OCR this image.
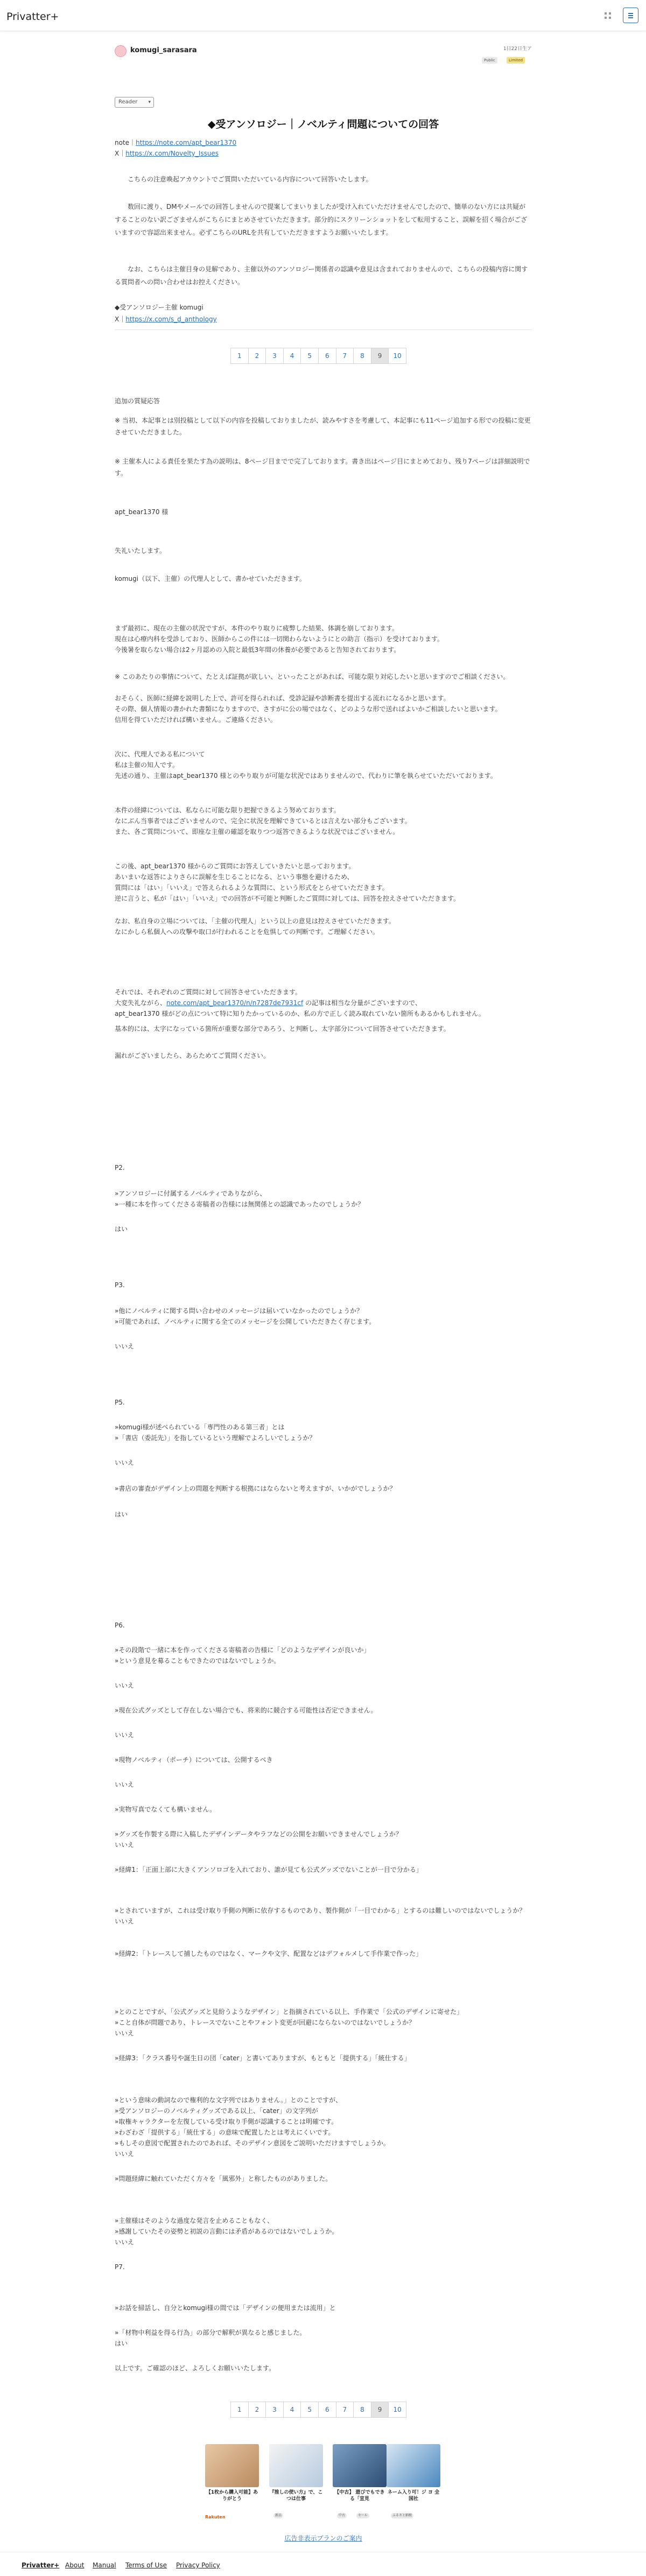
Privatter+
komugi_sarasara	1日22日生ア
Public	Limited
Reader ▾
◆受アンソロジー｜ノベルティ問題についての回答
note｜https://note.com/apt_bear1370
X｜https://x.com/Novelty_Issues
こちらの注意喚起アカウントでご質問いただいている内容について回答いたします。
数回に渡り、DMやメールでの回答しませんので提案してまいりましたが受け入れていただけませんでしたので、簡単のない方には共疑がすることのない訳ござませんがこちらにまとめさせていただきます。部分的にスクリーンショットをして転用すること、誤解を招く場合がございますので容認出来ません。必ずこちらのURLを共有していただきますようお願いいたします。
なお、こちらは主催目身の見解であり、主催以外のアンソロジー関係者の認識や意見は含まれておりませんので、こちらの投稿内容に関する質問者への問い合わせはお控えください。
◆受アンソロジー主催 komugi
X｜https://x.com/s_d_anthology
1	2	3	4	5	6	7	8	9	10
追加の質疑応答
※ 当初、本記事とは別投稿として以下の内容を投稿しておりましたが、読みやすさを考慮して、本記事にも11ページ追加する形での投稿に変更させていただきました。
※ 主催本人による責任を果たす為の説明は、8ページ目までで完了しております。書き出はページ目にまとめており、残り7ページは詳細説明です。
apt_bear1370 様
失礼いたします。
komugi（以下、主催）の代理人として、書かせていただきます。
まず最初に、現在の主催の状況ですが、本件のやり取りに疲弊した結果、体調を崩しております。
現在は心療内科を受診しており、医師からこの件には一切関わらないようにとの助言（指示）を受けております。
今後暑を取らない場合は2ヶ月認めの入院と最低3年間の休養が必要であると告知されております。
※ このあたりの事情について、たとえば証拠が欲しい、といったことがあれば、可能な限り対応したいと思いますのでご相談ください。
おそらく、医師に経緯を説明した上で、許可を得られれば、受診記録や診断書を提出する流れになるかと思います。
その際、個人情報の書かれた書類になりますので、さすがに公の場ではなく、どのような形で送ればよいかご相談したいと思います。
信用を得ていただければ構いません。ご連絡ください。
次に、代理人である私について
私は主催の知人です。
先述の通り、主催はapt_bear1370 様とのやり取りが可能な状況ではありませんので、代わりに筆を執らせていただいております。
本件の経緯については、私ならに可能な限り把握できるよう努めております。
なにぶん当事者ではございませんので、完全に状況を理解できているとは言えない部分もございます。
また、各ご質問について、即座な主催の確認を取りつつ返答できるような状況ではございません。
この後、apt_bear1370 様からのご質問にお答えしていきたいと思っております。
あいまいな返答によりさらに誤解を生じることになる、という事態を避けるため、
質問には「はい」「いいえ」で答えられるような質問に、という形式をとらせていただきます。
逆に言うと、私が「はい」「いいえ」での回答が不可能と判断したご質問に対しては、回答を控えさせていただきます。
なお、私自身の立場については、「主催の代理人」という以上の意見は控えさせていただきます。
なにかしら私個人への攻撃や取口が行われることを危惧しての判断です。ご理解ください。
それでは、それぞれのご質問に対して回答させていただきます。
大変失礼ながら、note.com/apt_bear1370/n/n7287de7931cf の記事は相当な分量がございますので、
apt_bear1370 様がどの点について特に知りたかっているのか、私の方で正しく読み取れていない箇所もあるかもしれません。
基本的には、太字になっている箇所が重要な部分であろう、と判断し、太字部分について回答させていただきます。
漏れがございましたら、あらためてご質問ください。
P2.
»アンソロジーに付属するノベルティでありながら、
»一種に本を作ってくださる寄稿者の告様には無関係との認識であったのでしょうか？
はい
P3.
»他にノベルティに関する問い合わせのメッセージは届いていなかったのでしょうか？
»可能であれば、ノベルティに関する全てのメッセージを公開していただきたく存じます。
いいえ
P5.
»komugi様が述べられている「専門性のある第三者」とは
»「書店（委託先）」を指しているという理解でよろしいでしょうか？
いいえ
»書店の審査がデザイン上の問題を判断する根拠にはならないと考えますが、いかがでしょうか？
はい
P6.
»その段階で一緒に本を作ってくださる寄稿者の告様に「どのようなデザインが良いか」
»という意見を募ることもできたのではないでしょうか。
いいえ
»現在公式グッズとして存在しない場合でも、将来的に競合する可能性は否定できません。
いいえ
»現物ノベルティ（ポーチ）については、公開するべき
いいえ
»実物写真でなくても構いません。
»グッズを作製する際に入稿したデザインデータやラフなどの公開をお願いできませんでしょうか？
いいえ
»経緯1：「正面上部に大きくアンソロゴを入れており、誰が見ても公式グッズでないことが一目で分かる」
»とされていますが、これは受け取り手側の判断に依存するものであり、製作側が「一目でわかる」とするのは難しいのではないでしょうか？
いいえ
»経緯2：「トレースして捕したものではなく、マークや文字、配置などはデフォルメして手作業で作った」
»とのことですが、「公式グッズと見紛うようなデザイン」と指摘されている以上、手作業で「公式のデザインに寄せた」
»こと自体が問題であり、トレースでないことやフォント変更が回避にならないのではないでしょうか？
いいえ
»経緯3：「クラス番号や誕生日の団「cater」と書いてありますが、もともと「提供する」「統仕する」
»という意味の動詞なので権利的な文字列ではありません。」とのことですが、
»受アンソロジーのノベルティグッズである以上、「cater」の文字列が
»取権キャラクターを左復している受け取り手側が認識することは明確です。
»わざわざ「提供する」「統仕する」の意味で配置したとは考えにくいです。
»もしその意図で配置されたのであれば、そのデザイン意図をご説明いただけますでしょうか。
いいえ
»問題経緯に触れていただく方々を「風邪外」と称したものがありました。
»主催様はそのような過度な発言を止めることもなく、
»感謝していたその姿勢と初説の言動には矛盾があるのではないでしょうか。
いいえ
P7.
»お話を掃話し、自分とkomugi様の間では「デザインの便用または流用」と
»「材物中利益を得る行為」の部分で解釈が異なると感じました。
はい
以上です。ご確認のほど、よろしくお願いいたします。
1	2	3	4	5	6	7	8	9	10
【1枚から購入可能】ありがとう
Rakuten
『推しの使い方』で、こつは仕事
新品
【中古】 遊びでもできる「宣見
中古	セール
ネーム入り可！ジ ヨ 全国社
ふるさと納税
広告非表示プランのご案内
Privatter+ About Manual Terms of Use Privacy Policy
